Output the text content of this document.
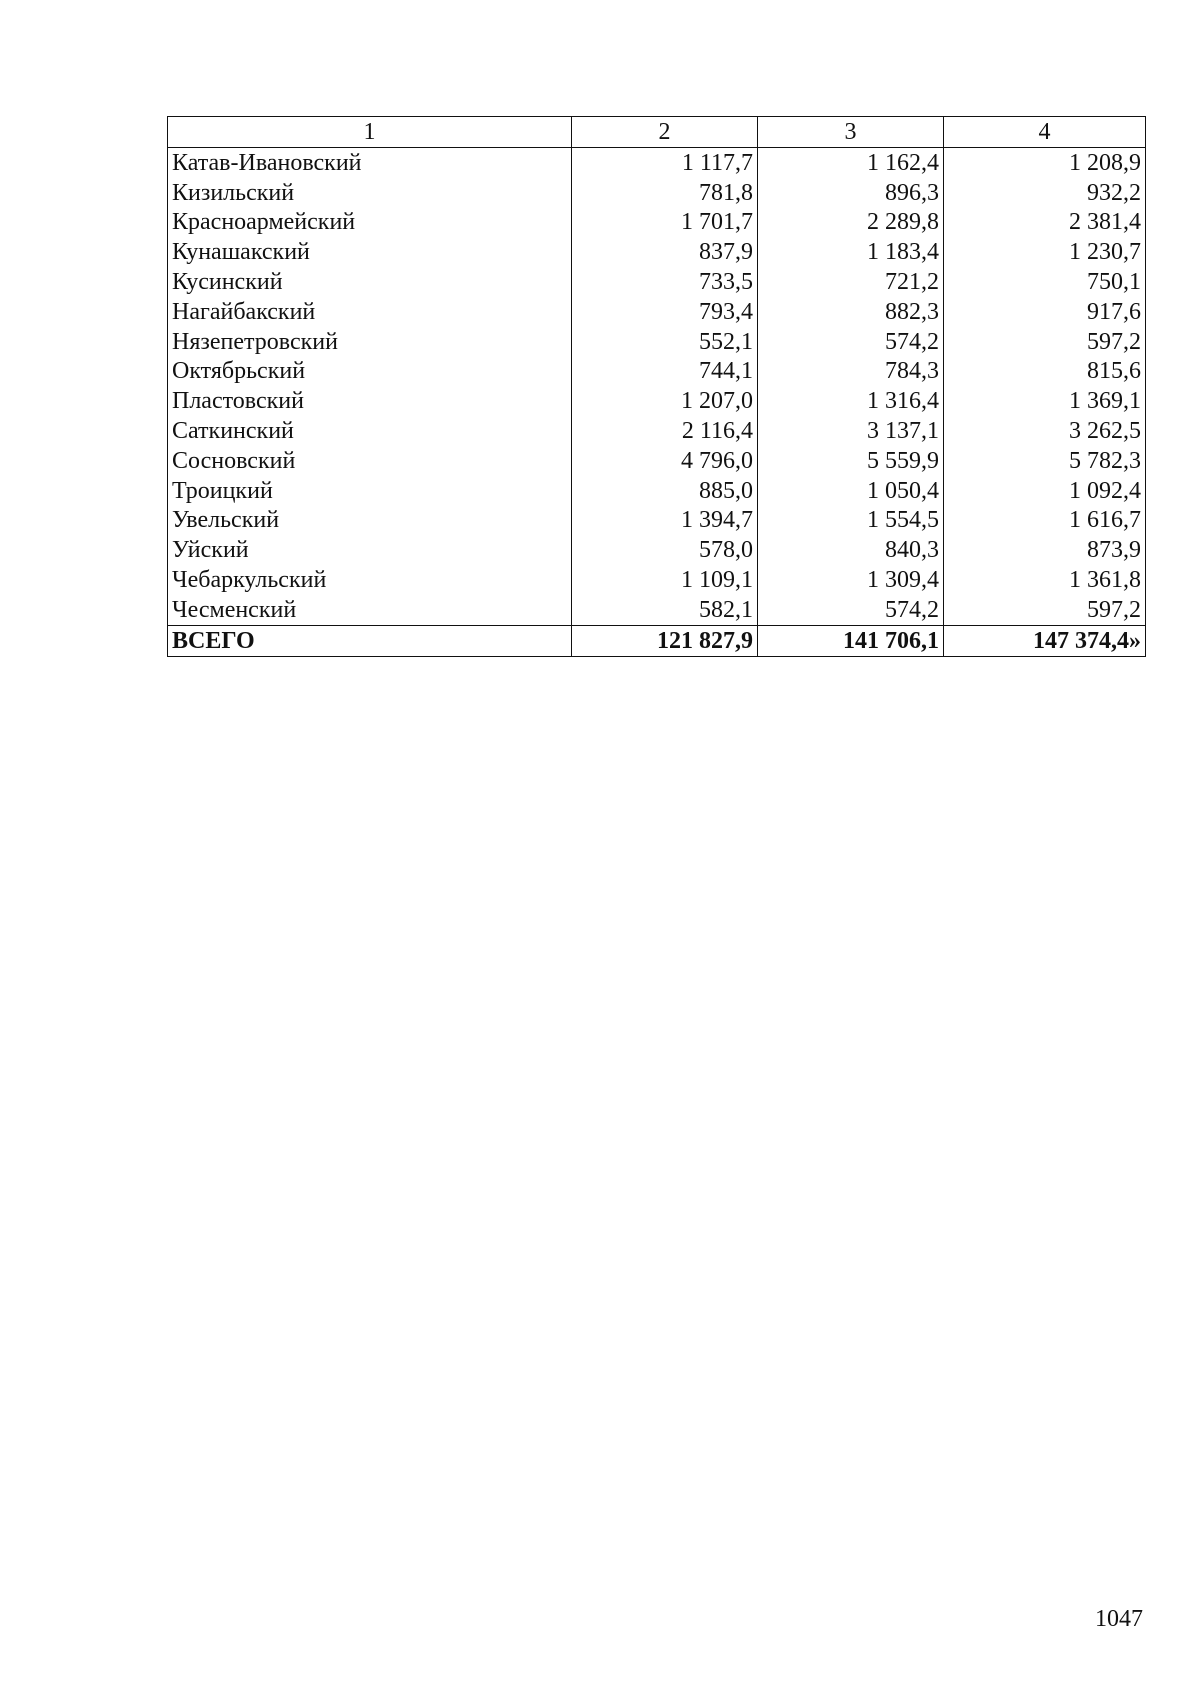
1	2	3	4
Катав-Ивановский	1 117,7	1 162,4	1 208,9
Кизильский	781,8	896,3	932,2
Красноармейский	1 701,7	2 289,8	2 381,4
Кунашакский	837,9	1 183,4	1 230,7
Кусинский	733,5	721,2	750,1
Нагайбакский	793,4	882,3	917,6
Нязепетровский	552,1	574,2	597,2
Октябрьский	744,1	784,3	815,6
Пластовский	1 207,0	1 316,4	1 369,1
Саткинский	2 116,4	3 137,1	3 262,5
Сосновский	4 796,0	5 559,9	5 782,3
Троицкий	885,0	1 050,4	1 092,4
Увельский	1 394,7	1 554,5	1 616,7
Уйский	578,0	840,3	873,9
Чебаркульский	1 109,1	1 309,4	1 361,8
Чесменский	582,1	574,2	597,2
ВСЕГО	121 827,9	141 706,1	147 374,4»
1047
